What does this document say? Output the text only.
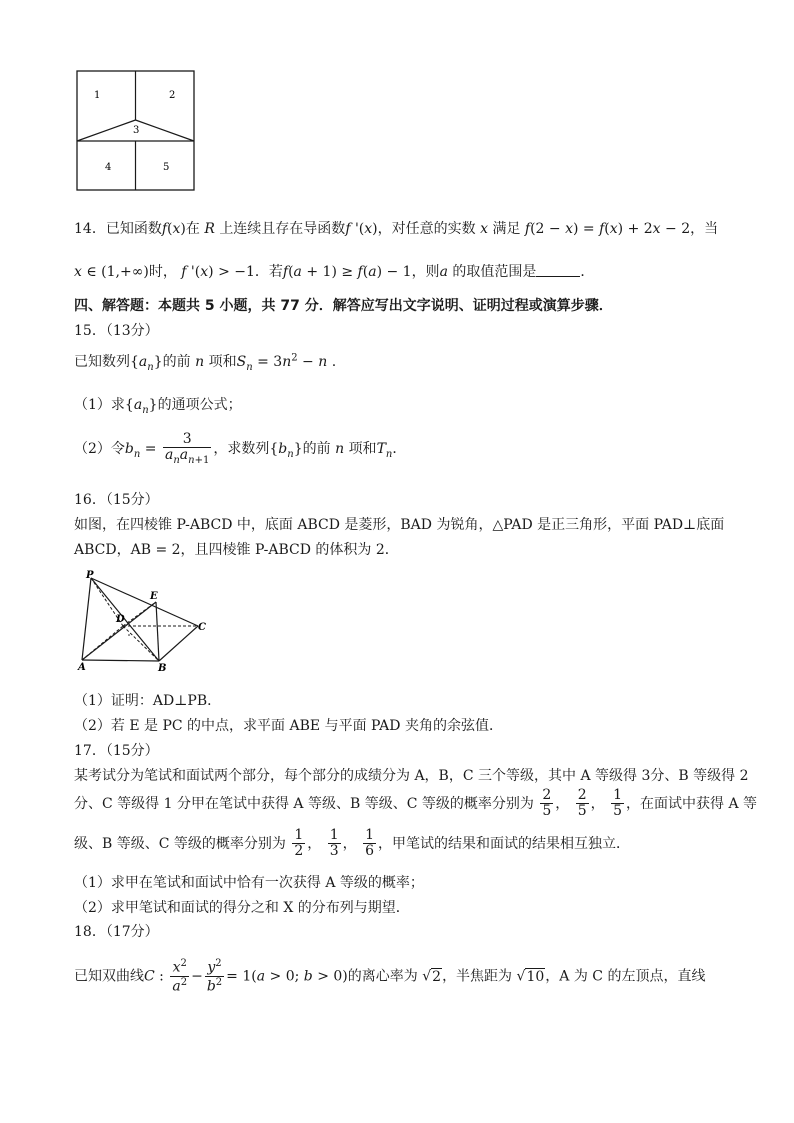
1	2
3
4	5
14．已知函数f(x)在 R 上连续且存在导函数f '(x)，对任意的实数 x 满足 f(2 − x) = f(x) + 2x − 2，当
x ∈ (1,+∞)时， f '(x) > −1．若f(a + 1) ≥ f(a) − 1，则a 的取值范围是	．
四、解答题：本题共 5 小题，共 77 分．解答应写出文字说明、证明过程或演算步骤．
15．（13分）
已知数列$\{a_n\}$的前 n 项和$S_n = 3n^2 - n$ .
（1）求$\{a_n\}$的通项公式；
（2）令$b_n = \frac{3}{a_na_{n+1}}$ ，求数列$\{b_n\}$的前 n 项和$T_n$．
16．（15分）
如图，在四棱锥 P-ABCD 中，底面 ABCD 是菱形，BAD 为锐角，△PAD 是正三角形，平面 PAD⊥底面
ABCD，AB = 2，且四棱锥 P-ABCD 的体积为 2．
P
E
D
C
A	B
（1）证明：AD⊥PB．
（2）若 E 是 PC 的中点，求平面 ABE 与平面 PAD 夹角的余弦值．
17．（15分）
某考试分为笔试和面试两个部分，每个部分的成绩分为 A，B，C 三个等级，其中 A 等级得 3分、B 等级得 2
分、C 等级得 1 分甲在笔试中获得 A 等级、B 等级、C 等级的概率分别为 $\frac{2}{5}$ ， $\frac{2}{5}$ ， $\frac{1}{5}$ ，在面试中获得 A 等
级、B 等级、C 等级的概率分别为 $\frac{1}{2}$ ， $\frac{1}{3}$ ， $\frac{1}{6}$ ，甲笔试的结果和面试的结果相互独立．
（1）求甲在笔试和面试中恰有一次获得 A 等级的概率；
（2）求甲笔试和面试的得分之和 X 的分布列与期望．
18．（17分）
已知双曲线C : $\frac{x^2}{a^2} - \frac{y^2}{b^2} = 1(a > 0$; b > 0)的离心率为 √2，半焦距为 √10，A 为 C 的左顶点，直线
